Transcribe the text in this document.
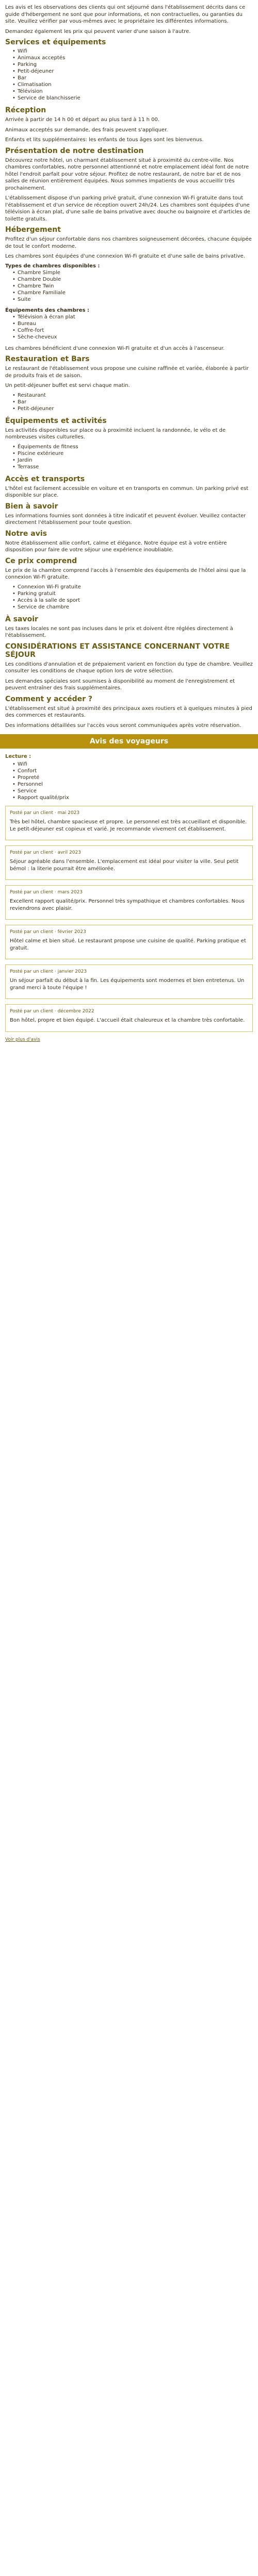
Les avis et les observations des clients qui ont séjourné dans l'établissement décrits dans ce guide d'hébergement ne sont que pour informations, et non contractuelles, ou garanties du site. Veuillez vérifier par vous-mêmes avec le propriétaire les différentes informations.

Demandez également les prix qui peuvent varier d'une saison à l'autre.

Services et équipements
• Wifi
• Animaux acceptés
• Parking
• Petit-déjeuner
• Bar
• Climatisation
• Télévision
• Service de blanchisserie
Réception

Arrivée à partir de 14 h 00 et départ au plus tard à 11 h 00.

Animaux acceptés sur demande, des frais peuvent s'appliquer.

Enfants et lits supplémentaires: les enfants de tous âges sont les bienvenus.

Présentation de notre destination

Découvrez notre hôtel, un charmant établissement situé à proximité du centre-ville. Nos chambres confortables, notre personnel attentionné et notre emplacement idéal font de notre hôtel l'endroit parfait pour votre séjour. Profitez de notre restaurant, de notre bar et de nos salles de réunion entièrement équipées. Nous sommes impatients de vous accueillir très prochainement.

L'établissement dispose d'un parking privé gratuit, d'une connexion Wi-Fi gratuite dans tout l'établissement et d'un service de réception ouvert 24h/24. Les chambres sont équipées d'une télévision à écran plat, d'une salle de bains privative avec douche ou baignoire et d'articles de toilette gratuits.

Hébergement

Profitez d'un séjour confortable dans nos chambres soigneusement décorées, chacune équipée de tout le confort moderne.

Les chambres sont équipées d'une connexion Wi-Fi gratuite et d'une salle de bains privative.

Types de chambres disponibles :
• Chambre Simple
• Chambre Double
• Chambre Twin
• Chambre Familiale
• Suite
Équipements des chambres :
• Télévision à écran plat
• Bureau
• Coffre-fort
• Sèche-cheveux

Les chambres bénéficient d'une connexion Wi-Fi gratuite et d'un accès à l'ascenseur.

Restauration et Bars

Le restaurant de l'établissement vous propose une cuisine raffinée et variée, élaborée à partir de produits frais et de saison.

Un petit-déjeuner buffet est servi chaque matin.

• Restaurant
• Bar
• Petit-déjeuner
Équipements et activités

Les activités disponibles sur place ou à proximité incluent la randonnée, le vélo et de nombreuses visites culturelles.

• Équipements de fitness
• Piscine extérieure
• Jardin
• Terrasse
Accès et transports

L'hôtel est facilement accessible en voiture et en transports en commun. Un parking privé est disponible sur place.

Bien à savoir

Les informations fournies sont données à titre indicatif et peuvent évoluer. Veuillez contacter directement l'établissement pour toute question.

Notre avis

Notre établissement allie confort, calme et élégance. Notre équipe est à votre entière disposition pour faire de votre séjour une expérience inoubliable.

Ce prix comprend

Le prix de la chambre comprend l'accès à l'ensemble des équipements de l'hôtel ainsi que la connexion Wi-Fi gratuite.

• Connexion Wi-Fi gratuite
• Parking gratuit
• Accès à la salle de sport
• Service de chambre
À savoir

Les taxes locales ne sont pas incluses dans le prix et doivent être réglées directement à l'établissement.

CONSIDÉRATIONS ET ASSISTANCE CONCERNANT VOTRE SÉJOUR

Les conditions d'annulation et de prépaiement varient en fonction du type de chambre. Veuillez consulter les conditions de chaque option lors de votre sélection.

Les demandes spéciales sont soumises à disponibilité au moment de l'enregistrement et peuvent entraîner des frais supplémentaires.

Comment y accéder ?

L'établissement est situé à proximité des principaux axes routiers et à quelques minutes à pied des commerces et restaurants.

Des informations détaillées sur l'accès vous seront communiquées après votre réservation.

Avis des voyageurs
Lecture :
• Wifi
• Confort
• Propreté
• Personnel
• Service
• Rapport qualité/prix
Posté par un client · mai 2023

Très bel hôtel, chambre spacieuse et propre. Le personnel est très accueillant et disponible. Le petit-déjeuner est copieux et varié. Je recommande vivement cet établissement.

Posté par un client · avril 2023

Séjour agréable dans l'ensemble. L'emplacement est idéal pour visiter la ville. Seul petit bémol : la literie pourrait être améliorée.

Posté par un client · mars 2023

Excellent rapport qualité/prix. Personnel très sympathique et chambres confortables. Nous reviendrons avec plaisir.

Posté par un client · février 2023

Hôtel calme et bien situé. Le restaurant propose une cuisine de qualité. Parking pratique et gratuit.

Posté par un client · janvier 2023

Un séjour parfait du début à la fin. Les équipements sont modernes et bien entretenus. Un grand merci à toute l'équipe !

Posté par un client · décembre 2022

Bon hôtel, propre et bien équipé. L'accueil était chaleureux et la chambre très confortable.

Voir plus d'avis
